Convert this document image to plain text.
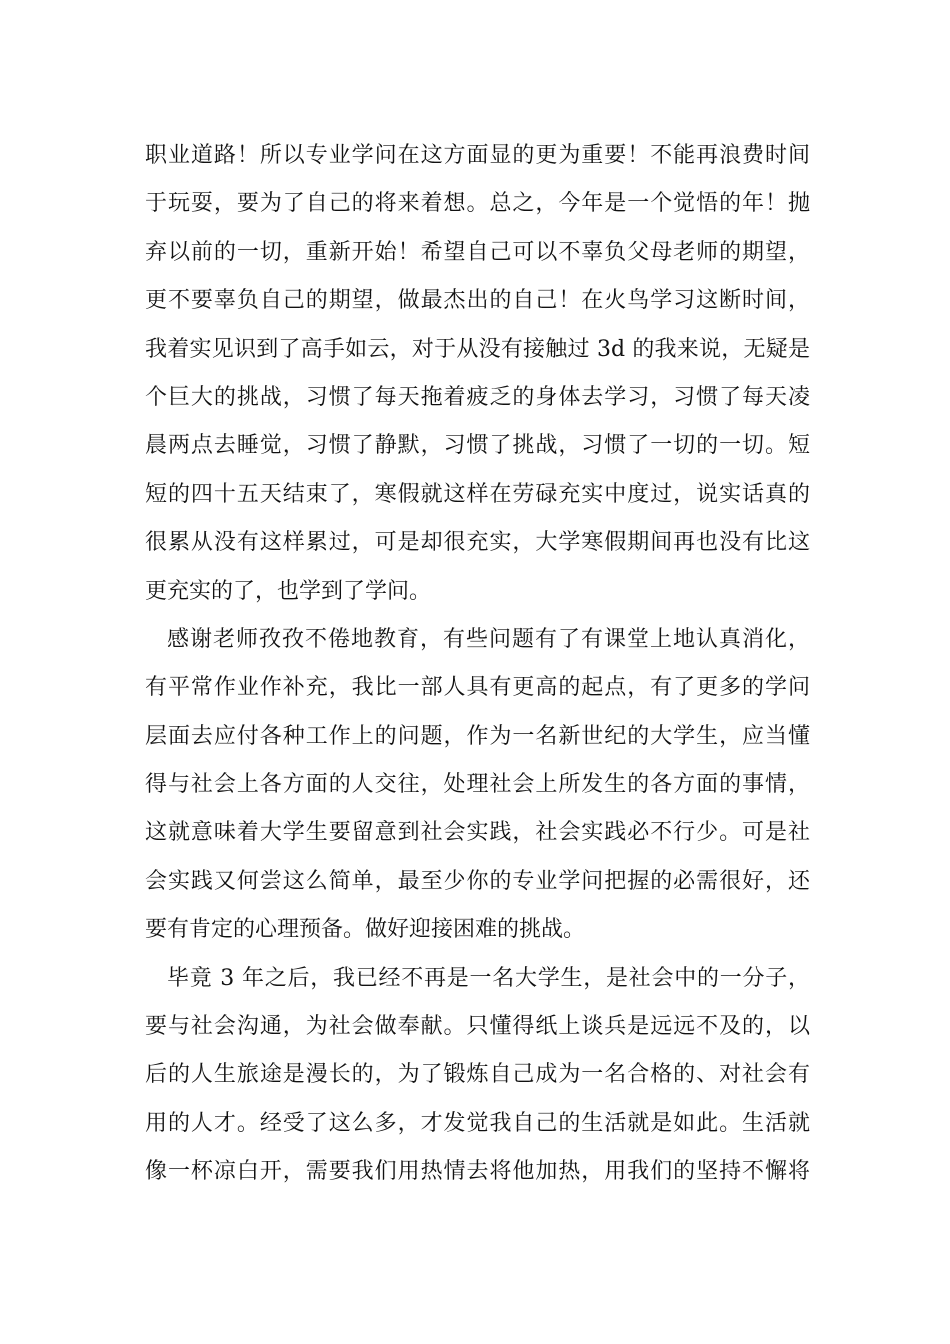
职业道路！所以专业学问在这方面显的更为重要！不能再浪费时间
于玩耍，要为了自己的将来着想。总之，今年是一个觉悟的年！抛
弃以前的一切，重新开始！希望自己可以不辜负父母老师的期望，
更不要辜负自己的期望，做最杰出的自己！在火鸟学习这断时间，
我着实见识到了高手如云，对于从没有接触过 3d 的我来说，无疑是
个巨大的挑战，习惯了每天拖着疲乏的身体去学习，习惯了每天凌
晨两点去睡觉，习惯了静默，习惯了挑战，习惯了一切的一切。短
短的四十五天结束了，寒假就这样在劳碌充实中度过，说实话真的
很累从没有这样累过，可是却很充实，大学寒假期间再也没有比这
更充实的了，也学到了学问。
感谢老师孜孜不倦地教育，有些问题有了有课堂上地认真消化，
有平常作业作补充，我比一部人具有更高的起点，有了更多的学问
层面去应付各种工作上的问题，作为一名新世纪的大学生，应当懂
得与社会上各方面的人交往，处理社会上所发生的各方面的事情，
这就意味着大学生要留意到社会实践，社会实践必不行少。可是社
会实践又何尝这么简单，最至少你的专业学问把握的必需很好，还
要有肯定的心理预备。做好迎接困难的挑战。
毕竟 3 年之后，我已经不再是一名大学生，是社会中的一分子，
要与社会沟通，为社会做奉献。只懂得纸上谈兵是远远不及的，以
后的人生旅途是漫长的，为了锻炼自己成为一名合格的、对社会有
用的人才。经受了这么多，才发觉我自己的生活就是如此。生活就
像一杯凉白开，需要我们用热情去将他加热，用我们的坚持不懈将
